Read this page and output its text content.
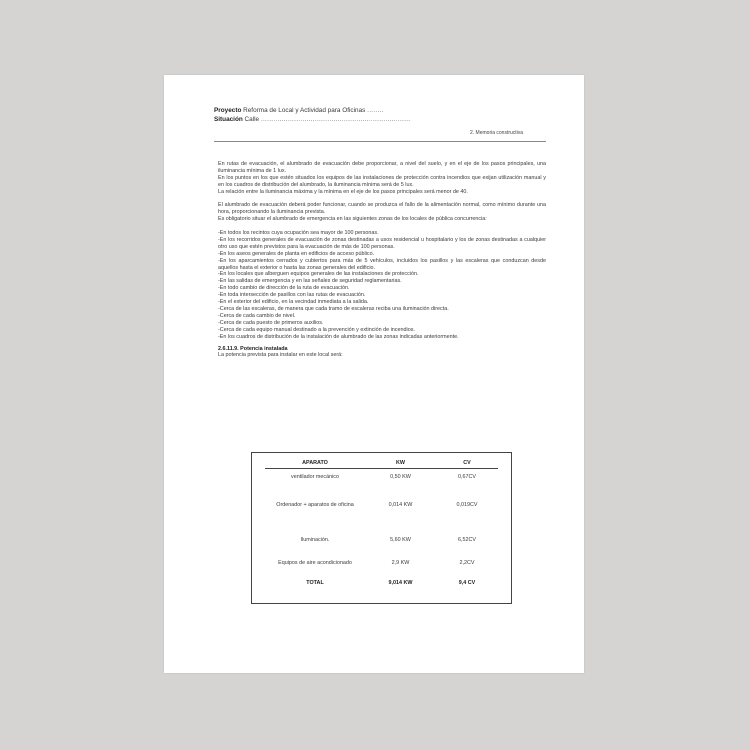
Proyecto Reforma de Local y Actividad para Oficinas ........
Situación Calle ........................................................................
2. Memoria constructiva

En rutas de evacuación, el alumbrado de evacuación debe proporcionar, a nivel del suelo, y en el eje de los pasos principales, una iluminancia mínima de 1 lux.

En los puntos en los que estén situados los equipos de las instalaciones de protección contra incendios que exijan utilización manual y en los cuadros de distribución del alumbrado, la iluminancia mínima será de 5 lux.

La relación entre la iluminancia máxima y la mínima en el eje de los pasos principales será menor de 40.

El alumbrado de evacuación deberá poder funcionar, cuando se produzca el fallo de la alimentación normal, como mínimo durante una hora, proporcionando la iluminancia prevista.

Es obligatorio situar el alumbrado de emergencia en las siguientes zonas de los locales de pública concurrencia:

-En todos los recintos cuya ocupación sea mayor de 100 personas.

-En los recorridos generales de evacuación de zonas destinadas a usos residencial u hospitalario y los de zonas destinadas a cualquier otro uso que estén previstos para la evacuación de más de 100 personas.

-En los aseos generales de planta en edificios de acceso público.

-En los aparcamientos cerrados y cubiertos para más de 5 vehículos, incluidos los pasillos y las escaleras que conduzcan desde aquellos hasta el exterior o hasta las zonas generales del edificio.

-En los locales que alberguen equipos generales de las instalaciones de protección.

-En las salidas de emergencia y en las señales de seguridad reglamentarias.

-En todo cambio de dirección de la ruta de evacuación.

-En toda intersección de pasillos con las rutas de evacuación.

-En el exterior del edificio, en la vecindad inmediata a la salida.

-Cerca de las escaleras, de manera que cada tramo de escaleras reciba una iluminación directa.

-Cerca de cada cambio de nivel.

-Cerca de cada puesto de primeros auxilios.

-Cerca de cada equipo manual destinado a la prevención y extinción de incendios.

-En los cuadros de distribución de la instalación de alumbrado de las zonas indicadas anteriormente.

2.6.11.9. Potencia instalada

La potencia prevista para instalar en este local será:

APARATO	KW	CV
ventilador mecánico	0,50 KW	0,67CV
Ordenador + aparatos de oficina	0,014 KW	0,019CV
Iluminación.	5,60 KW	6,52CV
Equipos de aire acondicionado	2,9 KW	2,2CV
TOTAL	9,014 KW	9,4 CV
